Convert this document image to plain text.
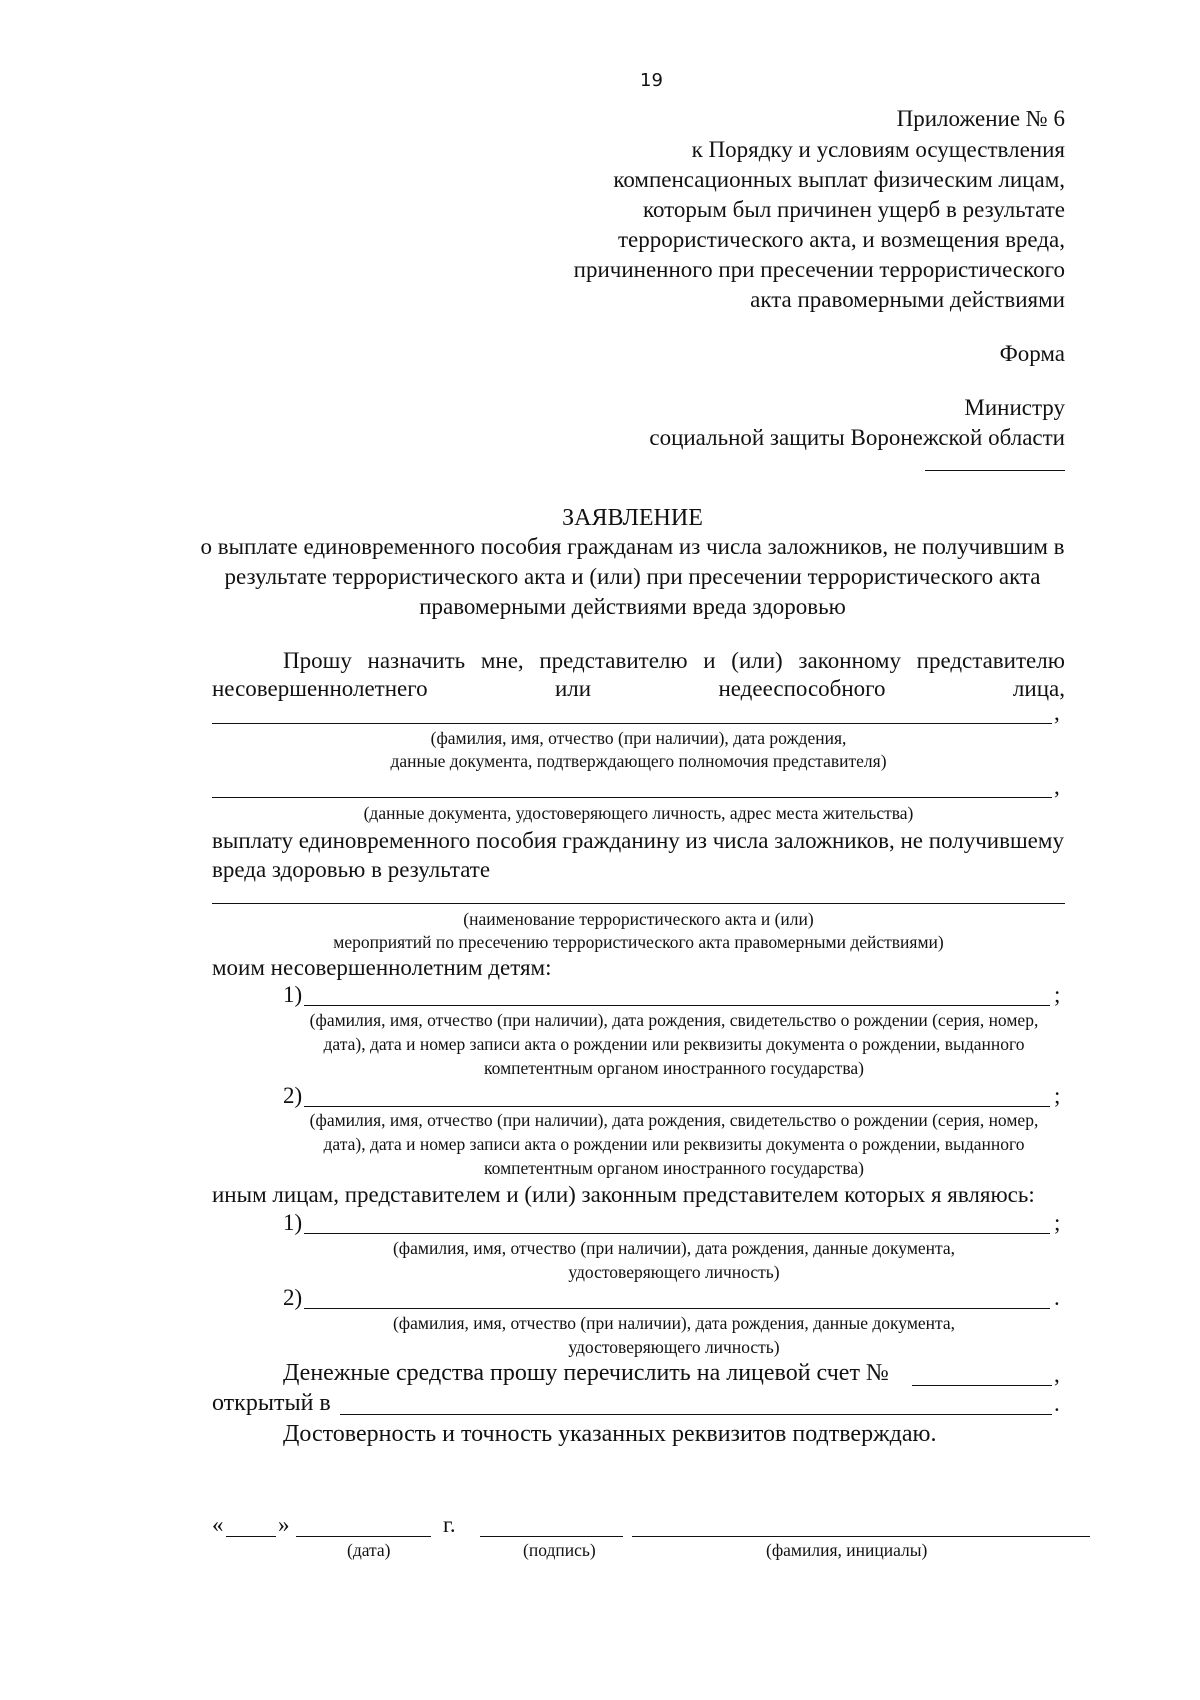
19
Приложение № 6
к Порядку и условиям осуществления
компенсационных выплат физическим лицам,
которым был причинен ущерб в результате
террористического акта, и возмещения вреда,
причиненного при пресечении террористического
акта правомерными действиями
Форма
Министру
социальной защиты Воронежской области
ЗАЯВЛЕНИЕ
о выплате единовременного пособия гражданам из числа заложников, не получившим в
результате террористического акта и (или) при пресечении террористического акта
правомерными действиями вреда здоровью
Прошу назначить мне, представителю и (или) законному представителю
несовершеннолетнего	или	недееспособного	лица,
,
(фамилия, имя, отчество (при наличии), дата рождения,
данные документа, подтверждающего полномочия представителя)
,
(данные документа, удостоверяющего личность, адрес места жительства)
выплату единовременного пособия гражданину из числа заложников, не получившему
вреда здоровью в результате
(наименование террористического акта и (или)
мероприятий по пресечению террористического акта правомерными действиями)
моим несовершеннолетним детям:
1)	;
(фамилия, имя, отчество (при наличии), дата рождения, свидетельство о рождении (серия, номер,
дата), дата и номер записи акта о рождении или реквизиты документа о рождении, выданного
компетентным органом иностранного государства)
2)	;
(фамилия, имя, отчество (при наличии), дата рождения, свидетельство о рождении (серия, номер,
дата), дата и номер записи акта о рождении или реквизиты документа о рождении, выданного
компетентным органом иностранного государства)
иным лицам, представителем и (или) законным представителем которых я являюсь:
1)	;
(фамилия, имя, отчество (при наличии), дата рождения, данные документа,
удостоверяющего личность)
2)	.
(фамилия, имя, отчество (при наличии), дата рождения, данные документа,
удостоверяющего личность)
Денежные средства прошу перечислить на лицевой счет №	,
открытый в	.
Достоверность и точность указанных реквизитов подтверждаю.
« »	г.
(дата)	(подпись)	(фамилия, инициалы)
